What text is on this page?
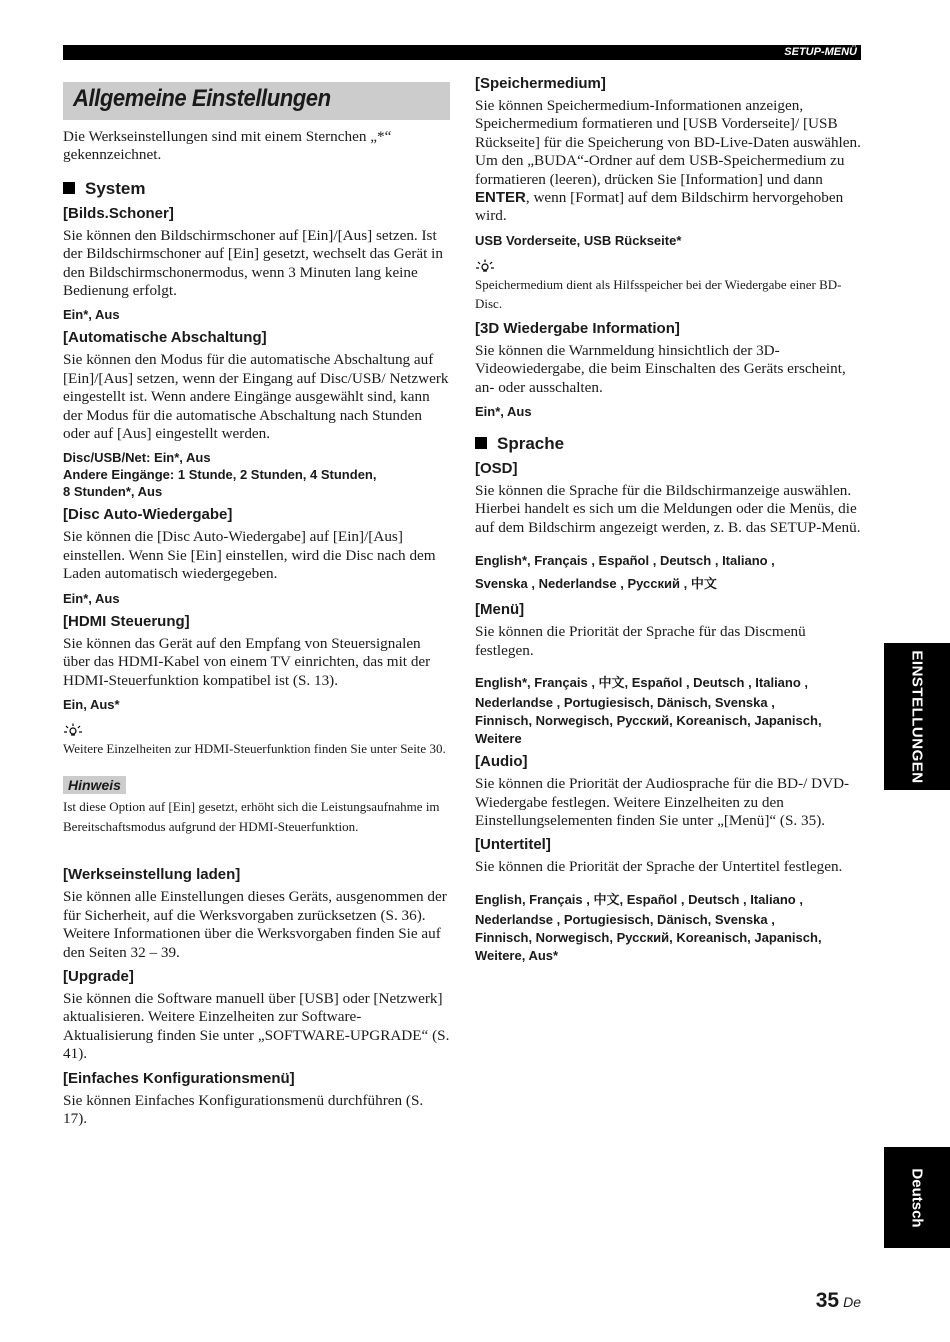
SETUP-MENÜ
Allgemeine Einstellungen

Die Werkseinstellungen sind mit einem Sternchen „*“ gekennzeichnet.

System
[Bilds.Schoner]

Sie können den Bildschirmschoner auf [Ein]/[Aus] setzen. Ist der Bildschirmschoner auf [Ein] gesetzt, wechselt das Gerät in den Bildschirmschonermodus, wenn 3 Minuten lang keine Bedienung erfolgt.

Ein*, Aus
[Automatische Abschaltung]

Sie können den Modus für die automatische Abschaltung auf [Ein]/[Aus] setzen, wenn der Eingang auf Disc/USB/ Netzwerk eingestellt ist. Wenn andere Eingänge ausgewählt sind, kann der Modus für die automatische Abschaltung nach Stunden oder auf [Aus] eingestellt werden.

Disc/USB/Net: Ein*, Aus
Andere Eingänge: 1 Stunde, 2 Stunden, 4 Stunden,
8 Stunden*, Aus
[Disc Auto-Wiedergabe]

Sie können die [Disc Auto-Wiedergabe] auf [Ein]/[Aus] einstellen. Wenn Sie [Ein] einstellen, wird die Disc nach dem Laden automatisch wiedergegeben.

Ein*, Aus
[HDMI Steuerung]

Sie können das Gerät auf den Empfang von Steuersignalen über das HDMI-Kabel von einem TV einrichten, das mit der HDMI-Steuerfunktion kompatibel ist (S. 13).

Ein, Aus*

Weitere Einzelheiten zur HDMI-Steuerfunktion finden Sie unter Seite 30.

Hinweis

Ist diese Option auf [Ein] gesetzt, erhöht sich die Leistungsaufnahme im Bereitschaftsmodus aufgrund der HDMI-Steuerfunktion.

[Werkseinstellung laden]

Sie können alle Einstellungen dieses Geräts, ausgenommen der für Sicherheit, auf die Werksvorgaben zurücksetzen (S. 36). Weitere Informationen über die Werksvorgaben finden Sie auf den Seiten 32 – 39.

[Upgrade]

Sie können die Software manuell über [USB] oder [Netzwerk] aktualisieren. Weitere Einzelheiten zur Software-Aktualisierung finden Sie unter „SOFTWARE-UPGRADE“ (S. 41).

[Einfaches Konfigurationsmenü]

Sie können Einfaches Konfigurationsmenü durchführen (S. 17).

[Speichermedium]

Sie können Speichermedium-Informationen anzeigen, Speichermedium formatieren und [USB Vorderseite]/ [USB Rückseite] für die Speicherung von BD-Live-Daten auswählen.

Um den „BUDA“-Ordner auf dem USB-Speichermedium zu formatieren (leeren), drücken Sie [Information] und dann ENTER, wenn [Format] auf dem Bildschirm hervorgehoben wird.

USB Vorderseite, USB Rückseite*

Speichermedium dient als Hilfsspeicher bei der Wiedergabe einer BD-Disc.

[3D Wiedergabe Information]

Sie können die Warnmeldung hinsichtlich der 3D-Videowiedergabe, die beim Einschalten des Geräts erscheint, an- oder ausschalten.

Ein*, Aus
Sprache
[OSD]

Sie können die Sprache für die Bildschirmanzeige auswählen. Hierbei handelt es sich um die Meldungen oder die Menüs, die auf dem Bildschirm angezeigt werden, z. B. das SETUP-Menü.

English*, Français , Español , Deutsch , Italiano ,
Svenska , Nederlandse , Русский , 中文
[Menü]

Sie können die Priorität der Sprache für das Discmenü festlegen.

English*, Français , 中文, Español , Deutsch , Italiano ,
Nederlandse , Portugiesisch, Dänisch, Svenska ,
Finnisch, Norwegisch, Русский, Koreanisch, Japanisch,
Weitere
[Audio]

Sie können die Priorität der Audiosprache für die BD-/ DVD-Wiedergabe festlegen. Weitere Einzelheiten zu den Einstellungselementen finden Sie unter „[Menü]“ (S. 35).

[Untertitel]

Sie können die Priorität der Sprache der Untertitel festlegen.

English, Français , 中文, Español , Deutsch , Italiano ,
Nederlandse , Portugiesisch, Dänisch, Svenska ,
Finnisch, Norwegisch, Русский, Koreanisch, Japanisch,
Weitere, Aus*
EINSTELLUNGEN
Deutsch
35 De
